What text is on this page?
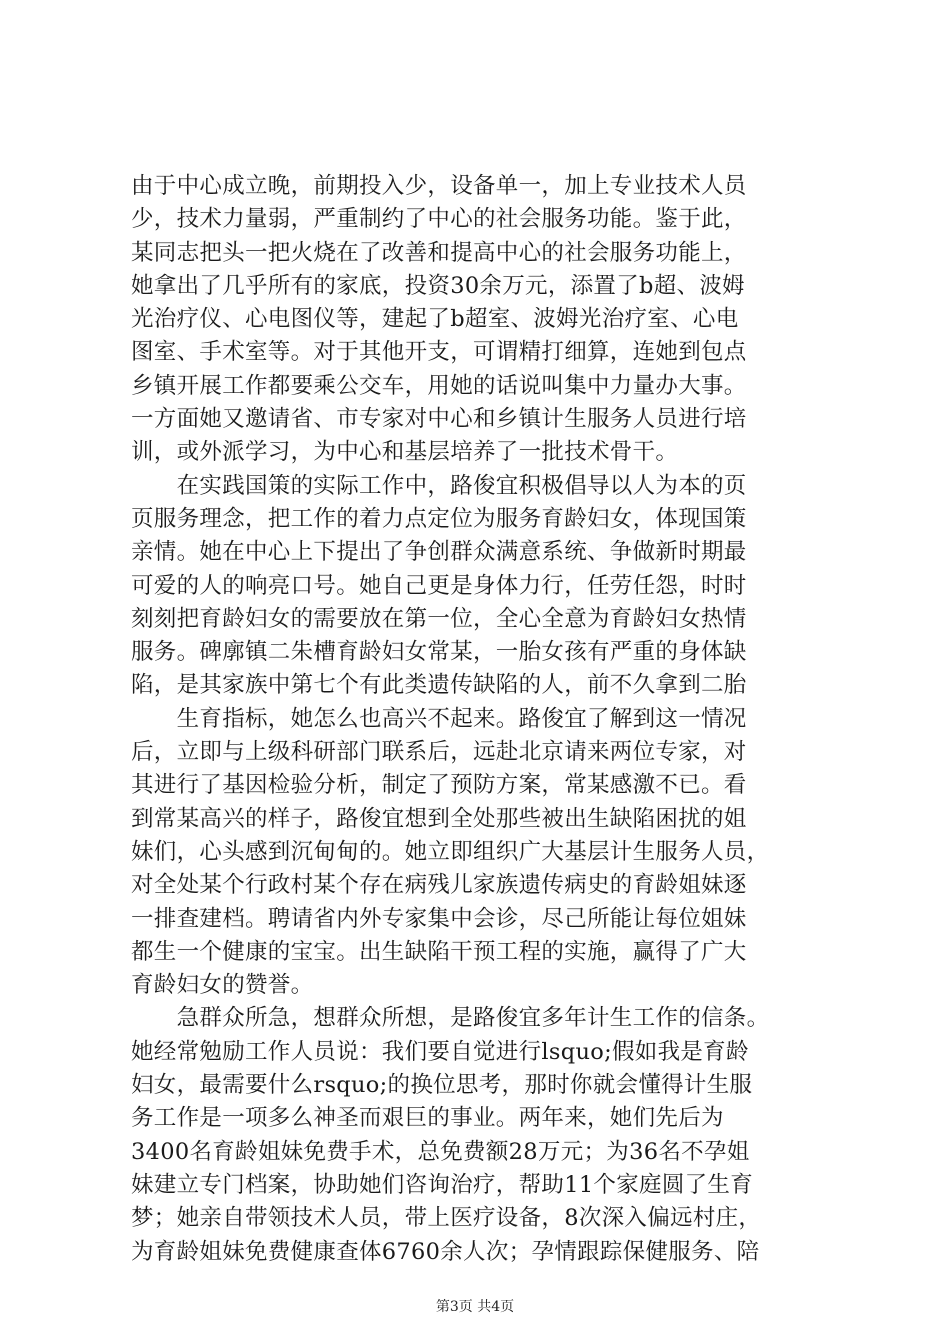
由于中心成立晚，前期投入少，设备单一，加上专业技术人员
少，技术力量弱，严重制约了中心的社会服务功能。鉴于此，
某同志把头一把火烧在了改善和提高中心的社会服务功能上，
她拿出了几乎所有的家底，投资30余万元，添置了b超、波姆
光治疗仪、心电图仪等，建起了b超室、波姆光治疗室、心电
图室、手术室等。对于其他开支，可谓精打细算，连她到包点
乡镇开展工作都要乘公交车，用她的话说叫集中力量办大事。
一方面她又邀请省、市专家对中心和乡镇计生服务人员进行培
训，或外派学习，为中心和基层培养了一批技术骨干。
　　在实践国策的实际工作中，路俊宜积极倡导以人为本的页
页服务理念，把工作的着力点定位为服务育龄妇女，体现国策
亲情。她在中心上下提出了争创群众满意系统、争做新时期最
可爱的人的响亮口号。她自己更是身体力行，任劳任怨，时时
刻刻把育龄妇女的需要放在第一位，全心全意为育龄妇女热情
服务。碑廓镇二朱槽育龄妇女常某，一胎女孩有严重的身体缺
陷，是其家族中第七个有此类遗传缺陷的人，前不久拿到二胎
　　生育指标，她怎么也高兴不起来。路俊宜了解到这一情况
后，立即与上级科研部门联系后，远赴北京请来两位专家，对
其进行了基因检验分析，制定了预防方案，常某感激不已。看
到常某高兴的样子，路俊宜想到全处那些被出生缺陷困扰的姐
妹们，心头感到沉甸甸的。她立即组织广大基层计生服务人员，
对全处某个行政村某个存在病残儿家族遗传病史的育龄姐妹逐
一排查建档。聘请省内外专家集中会诊，尽己所能让每位姐妹
都生一个健康的宝宝。出生缺陷干预工程的实施，赢得了广大
育龄妇女的赞誉。
　　急群众所急，想群众所想，是路俊宜多年计生工作的信条。
她经常勉励工作人员说：我们要自觉进行lsquo;假如我是育龄
妇女，最需要什么rsquo;的换位思考，那时你就会懂得计生服
务工作是一项多么神圣而艰巨的事业。两年来，她们先后为
3400名育龄姐妹免费手术，总免费额28万元；为36名不孕姐
妹建立专门档案，协助她们咨询治疗，帮助11个家庭圆了生育
梦；她亲自带领技术人员，带上医疗设备，8次深入偏远村庄，
为育龄姐妹免费健康查体6760余人次；孕情跟踪保健服务、陪
第3页 共4页
